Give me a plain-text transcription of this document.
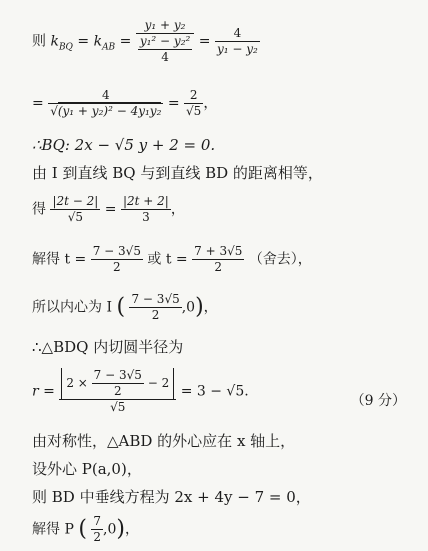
则 $k_{BQ} = k_{AB} = \frac{\text{y₁ + y₂}}{\frac{\text{y₁² − y₂²}}{4}} = \frac{4}{\text{y₁ − y₂}}$
= $\frac{4}{\text{√(y₁ + y₂)² − 4y₁y₂}} = \frac{2}{√5}$ ，
∴BQ: 2x − √5 y + 2 = 0.
由 I 到直线 BQ 与到直线 BD 的距离相等，
得 $\frac{|2t - 2|}{√5} = \frac{|2t + 2|}{3}$ ，
解得 $t = \frac{7 - 3√5}{2}$ 或 $t = \frac{7 + 3√5}{2}$ （舍去），
所以内心为 I ( $\frac{7 - 3√5}{2} ,0$)，
∴△BDQ 内切圆半径为
r =
$2 \times \frac{7 - 3√5}{2} - 2$
√5
= 3 − √5.
（9 分）
由对称性，△ABD 的外心应在 x 轴上，
设外心 P(a,0)，
则 BD 中垂线方程为 2x + 4y − 7 = 0，
解得 P ( $\frac{7}{2} ,0$)，
